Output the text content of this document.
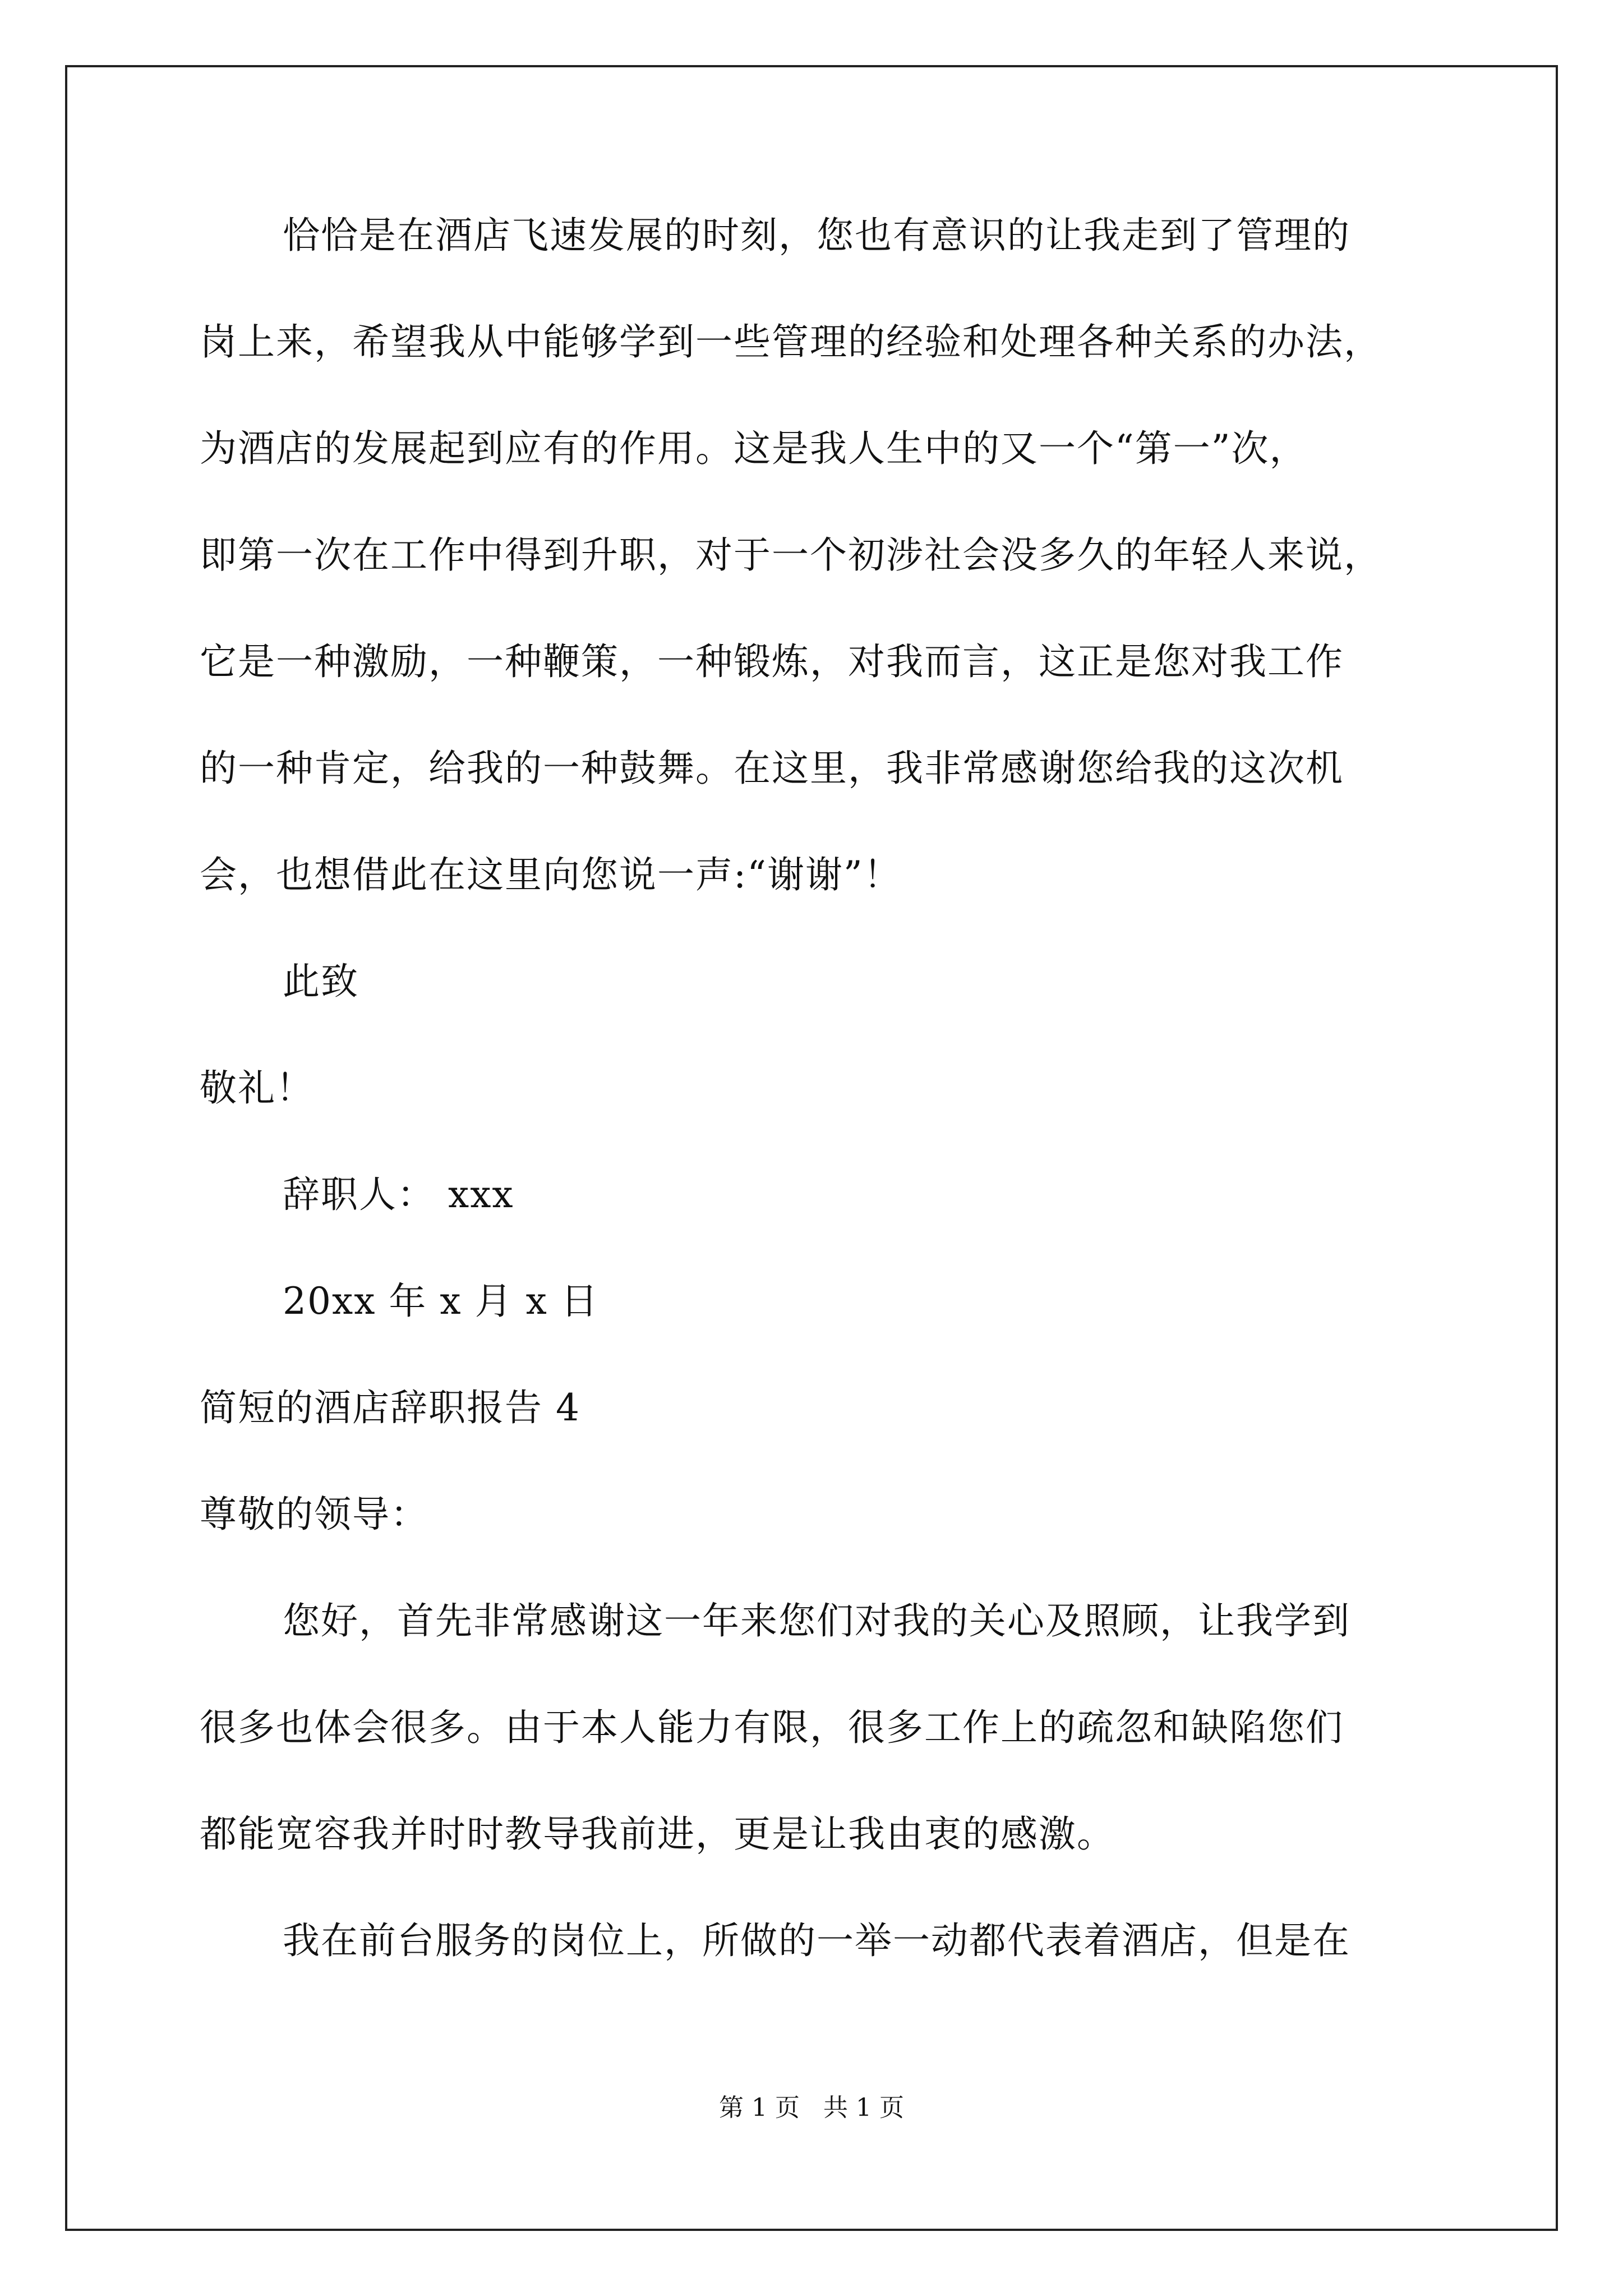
恰恰是在酒店飞速发展的时刻，您也有意识的让我走到了管理的
岗上来，希望我从中能够学到一些管理的经验和处理各种关系的办法，
为酒店的发展起到应有的作用。这是我人生中的又一个“第一”次，
即第一次在工作中得到升职，对于一个初涉社会没多久的年轻人来说，
它是一种激励，一种鞭策，一种锻炼，对我而言，这正是您对我工作
的一种肯定，给我的一种鼓舞。在这里，我非常感谢您给我的这次机
会，也想借此在这里向您说一声:“谢谢”！
此致
敬礼！
辞职人： xxx
20xx 年 x 月 x 日
简短的酒店辞职报告 4
尊敬的领导：
您好，首先非常感谢这一年来您们对我的关心及照顾，让我学到
很多也体会很多。由于本人能力有限，很多工作上的疏忽和缺陷您们
都能宽容我并时时教导我前进，更是让我由衷的感激。
我在前台服务的岗位上，所做的一举一动都代表着酒店，但是在
第 1 页   共 1 页
